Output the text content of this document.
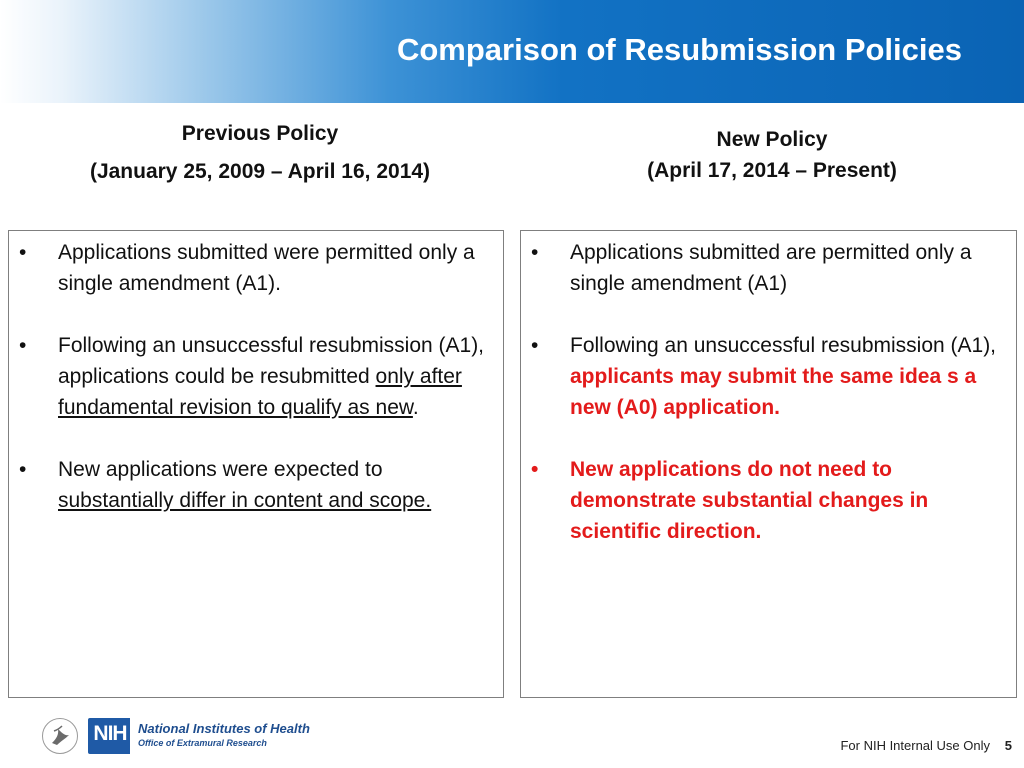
Comparison of Resubmission Policies
Previous Policy
(January 25, 2009 – April 16, 2014)
New Policy
(April 17, 2014 – Present)
• Applications submitted were permitted only a single amendment (A1).
• Following an unsuccessful resubmission (A1), applications could be resubmitted only after fundamental revision to qualify as new.
• New applications were expected to substantially differ in content and scope.
• Applications submitted are permitted only a single amendment (A1)
• Following an unsuccessful resubmission (A1), applicants may submit the same idea s a new (A0) application.
• New applications do not need to demonstrate substantial changes in scientific direction.
NIH National Institutes of Health
Office of Extramural Research	For NIH Internal Use Only 5
